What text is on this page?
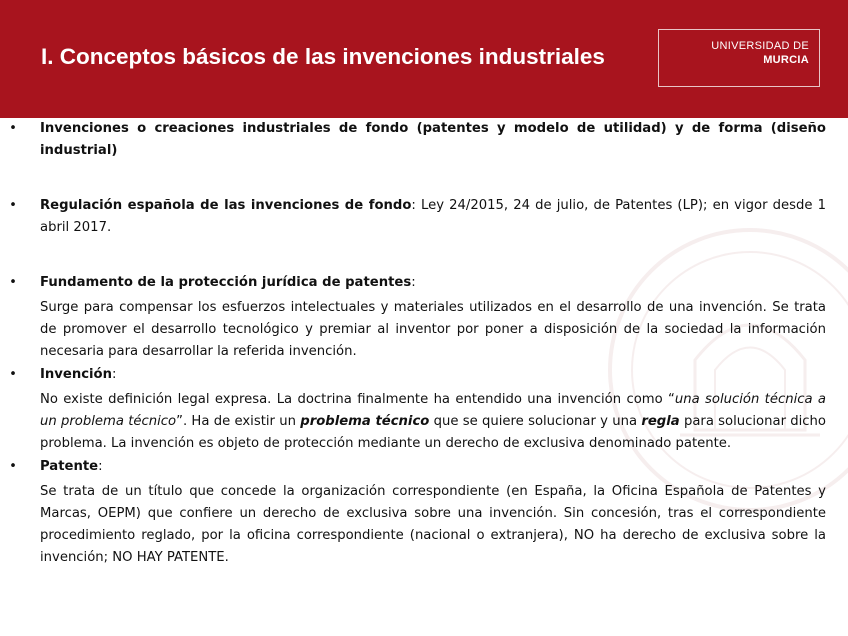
I. Conceptos básicos de las invenciones industriales	UNIVERSIDAD DE
MURCIA
• Invenciones o creaciones industriales de fondo (patentes y modelo de utilidad) y de forma (diseño industrial)

• Regulación española de las invenciones de fondo: Ley 24/2015, 24 de julio, de Patentes (LP); en vigor desde 1 abril 2017.

• Fundamento de la protección jurídica de patentes:

Surge para compensar los esfuerzos intelectuales y materiales utilizados en el desarrollo de una invención. Se trata de promover el desarrollo tecnológico y premiar al inventor por poner a disposición de la sociedad la información necesaria para desarrollar la referida invención.

• Invención:

No existe definición legal expresa. La doctrina finalmente ha entendido una invención como “una solución técnica a un problema técnico”. Ha de existir un problema técnico que se quiere solucionar y una regla para solucionar dicho problema. La invención es objeto de protección mediante un derecho de exclusiva denominado patente.

• Patente:

Se trata de un título que concede la organización correspondiente (en España, la Oficina Española de Patentes y Marcas, OEPM) que confiere un derecho de exclusiva sobre una invención. Sin concesión, tras el correspondiente procedimiento reglado, por la oficina correspondiente (nacional o extranjera), NO ha derecho de exclusiva sobre la invención; NO HAY PATENTE.
